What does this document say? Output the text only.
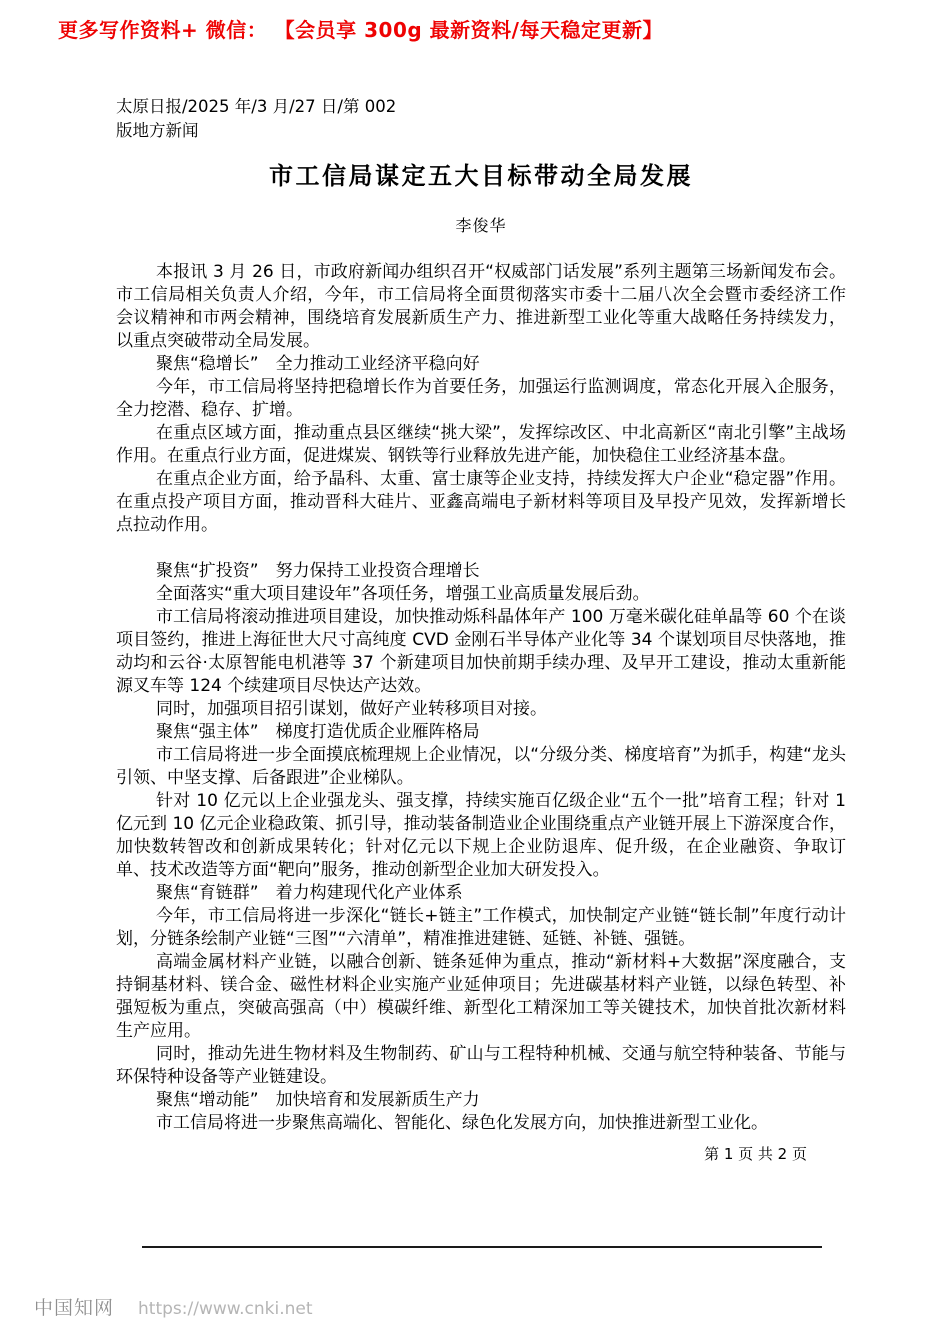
更多写作资料+ 微信： 【会员享 300g 最新资料/每天稳定更新】
太原日报/2025 年/3 月/27 日/第 002
版地方新闻
市工信局谋定五大目标带动全局发展
李俊华

本报讯 3 月 26 日，市政府新闻办组织召开“权威部门话发展”系列主题第三场新闻发布会。市工信局相关负责人介绍，今年，市工信局将全面贯彻落实市委十二届八次全会暨市委经济工作会议精神和市两会精神，围绕培育发展新质生产力、推进新型工业化等重大战略任务持续发力，以重点突破带动全局发展。

聚焦“稳增长”　全力推动工业经济平稳向好

今年，市工信局将坚持把稳增长作为首要任务，加强运行监测调度，常态化开展入企服务，全力挖潜、稳存、扩增。

在重点区域方面，推动重点县区继续“挑大梁”，发挥综改区、中北高新区“南北引擎”主战场作用。在重点行业方面，促进煤炭、钢铁等行业释放先进产能，加快稳住工业经济基本盘。

在重点企业方面，给予晶科、太重、富士康等企业支持，持续发挥大户企业“稳定器”作用。在重点投产项目方面，推动晋科大硅片、亚鑫高端电子新材料等项目及早投产见效，发挥新增长点拉动作用。

聚焦“扩投资”　努力保持工业投资合理增长

全面落实“重大项目建设年”各项任务，增强工业高质量发展后劲。

市工信局将滚动推进项目建设，加快推动烁科晶体年产 100 万毫米碳化硅单晶等 60 个在谈项目签约，推进上海征世大尺寸高纯度 CVD 金刚石半导体产业化等 34 个谋划项目尽快落地，推动均和云谷·太原智能电机港等 37 个新建项目加快前期手续办理、及早开工建设，推动太重新能源叉车等 124 个续建项目尽快达产达效。

同时，加强项目招引谋划，做好产业转移项目对接。

聚焦“强主体”　梯度打造优质企业雁阵格局

市工信局将进一步全面摸底梳理规上企业情况，以“分级分类、梯度培育”为抓手，构建“龙头引领、中坚支撑、后备跟进”企业梯队。

针对 10 亿元以上企业强龙头、强支撑，持续实施百亿级企业“五个一批”培育工程；针对 1 亿元到 10 亿元企业稳政策、抓引导，推动装备制造业企业围绕重点产业链开展上下游深度合作，加快数转智改和创新成果转化；针对亿元以下规上企业防退库、促升级，在企业融资、争取订单、技术改造等方面“靶向”服务，推动创新型企业加大研发投入。

聚焦“育链群”　着力构建现代化产业体系

今年，市工信局将进一步深化“链长+链主”工作模式，加快制定产业链“链长制”年度行动计划，分链条绘制产业链“三图”“六清单”，精准推进建链、延链、补链、强链。

高端金属材料产业链，以融合创新、链条延伸为重点，推动“新材料+大数据”深度融合，支持铜基材料、镁合金、磁性材料企业实施产业延伸项目；先进碳基材料产业链，以绿色转型、补强短板为重点，突破高强高（中）模碳纤维、新型化工精深加工等关键技术，加快首批次新材料生产应用。

同时，推动先进生物材料及生物制药、矿山与工程特种机械、交通与航空特种装备、节能与环保特种设备等产业链建设。

聚焦“增动能”　加快培育和发展新质生产力

市工信局将进一步聚焦高端化、智能化、绿色化发展方向，加快推进新型工业化。

第 1 页 共 2 页
中国知网 https://www.cnki.net
